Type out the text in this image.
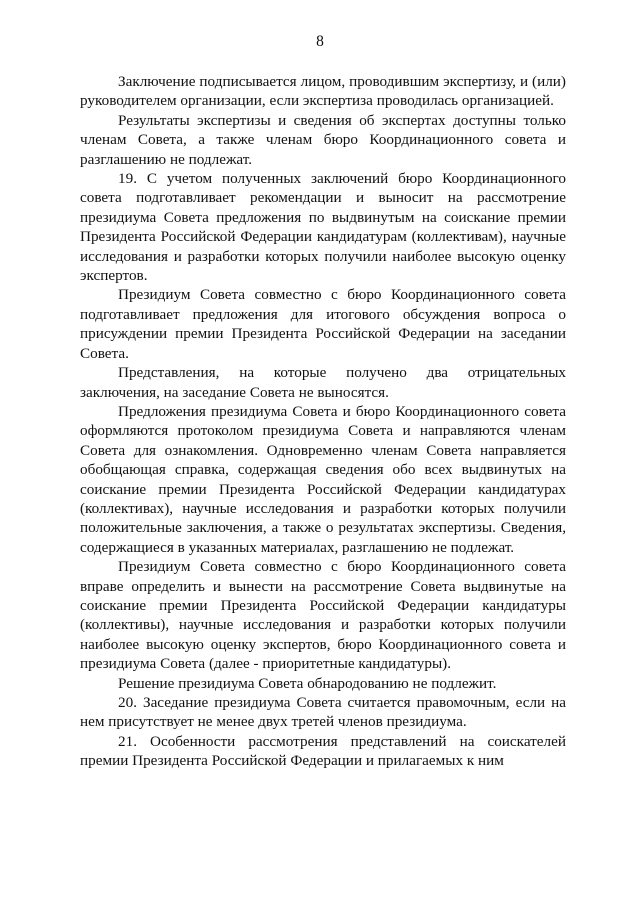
8

Заключение подписывается лицом, проводившим экспертизу, и (или) руководителем организации, если экспертиза проводилась организацией.

Результаты экспертизы и сведения об экспертах доступны только членам Совета, а также членам бюро Координационного совета и разглашению не подлежат.

19. С учетом полученных заключений бюро Координационного совета подготавливает рекомендации и выносит на рассмотрение президиума Совета предложения по выдвинутым на соискание премии Президента Российской Федерации кандидатурам (коллективам), научные исследования и разработки которых получили наиболее высокую оценку экспертов.

Президиум Совета совместно с бюро Координационного совета подготавливает предложения для итогового обсуждения вопроса о присуждении премии Президента Российской Федерации на заседании Совета.

Представления, на которые получено два отрицательных заключения, на заседание Совета не выносятся.

Предложения президиума Совета и бюро Координационного совета оформляются протоколом президиума Совета и направляются членам Совета для ознакомления. Одновременно членам Совета направляется обобщающая справка, содержащая сведения обо всех выдвинутых на соискание премии Президента Российской Федерации кандидатурах (коллективах), научные исследования и разработки которых получили положительные заключения, а также о результатах экспертизы. Сведения, содержащиеся в указанных материалах, разглашению не подлежат.

Президиум Совета совместно с бюро Координационного совета вправе определить и вынести на рассмотрение Совета выдвинутые на соискание премии Президента Российской Федерации кандидатуры (коллективы), научные исследования и разработки которых получили наиболее высокую оценку экспертов, бюро Координационного совета и президиума Совета (далее - приоритетные кандидатуры).

Решение президиума Совета обнародованию не подлежит.

20. Заседание президиума Совета считается правомочным, если на нем присутствует не менее двух третей членов президиума.

21. Особенности рассмотрения представлений на соискателей премии Президента Российской Федерации и прилагаемых к ним
